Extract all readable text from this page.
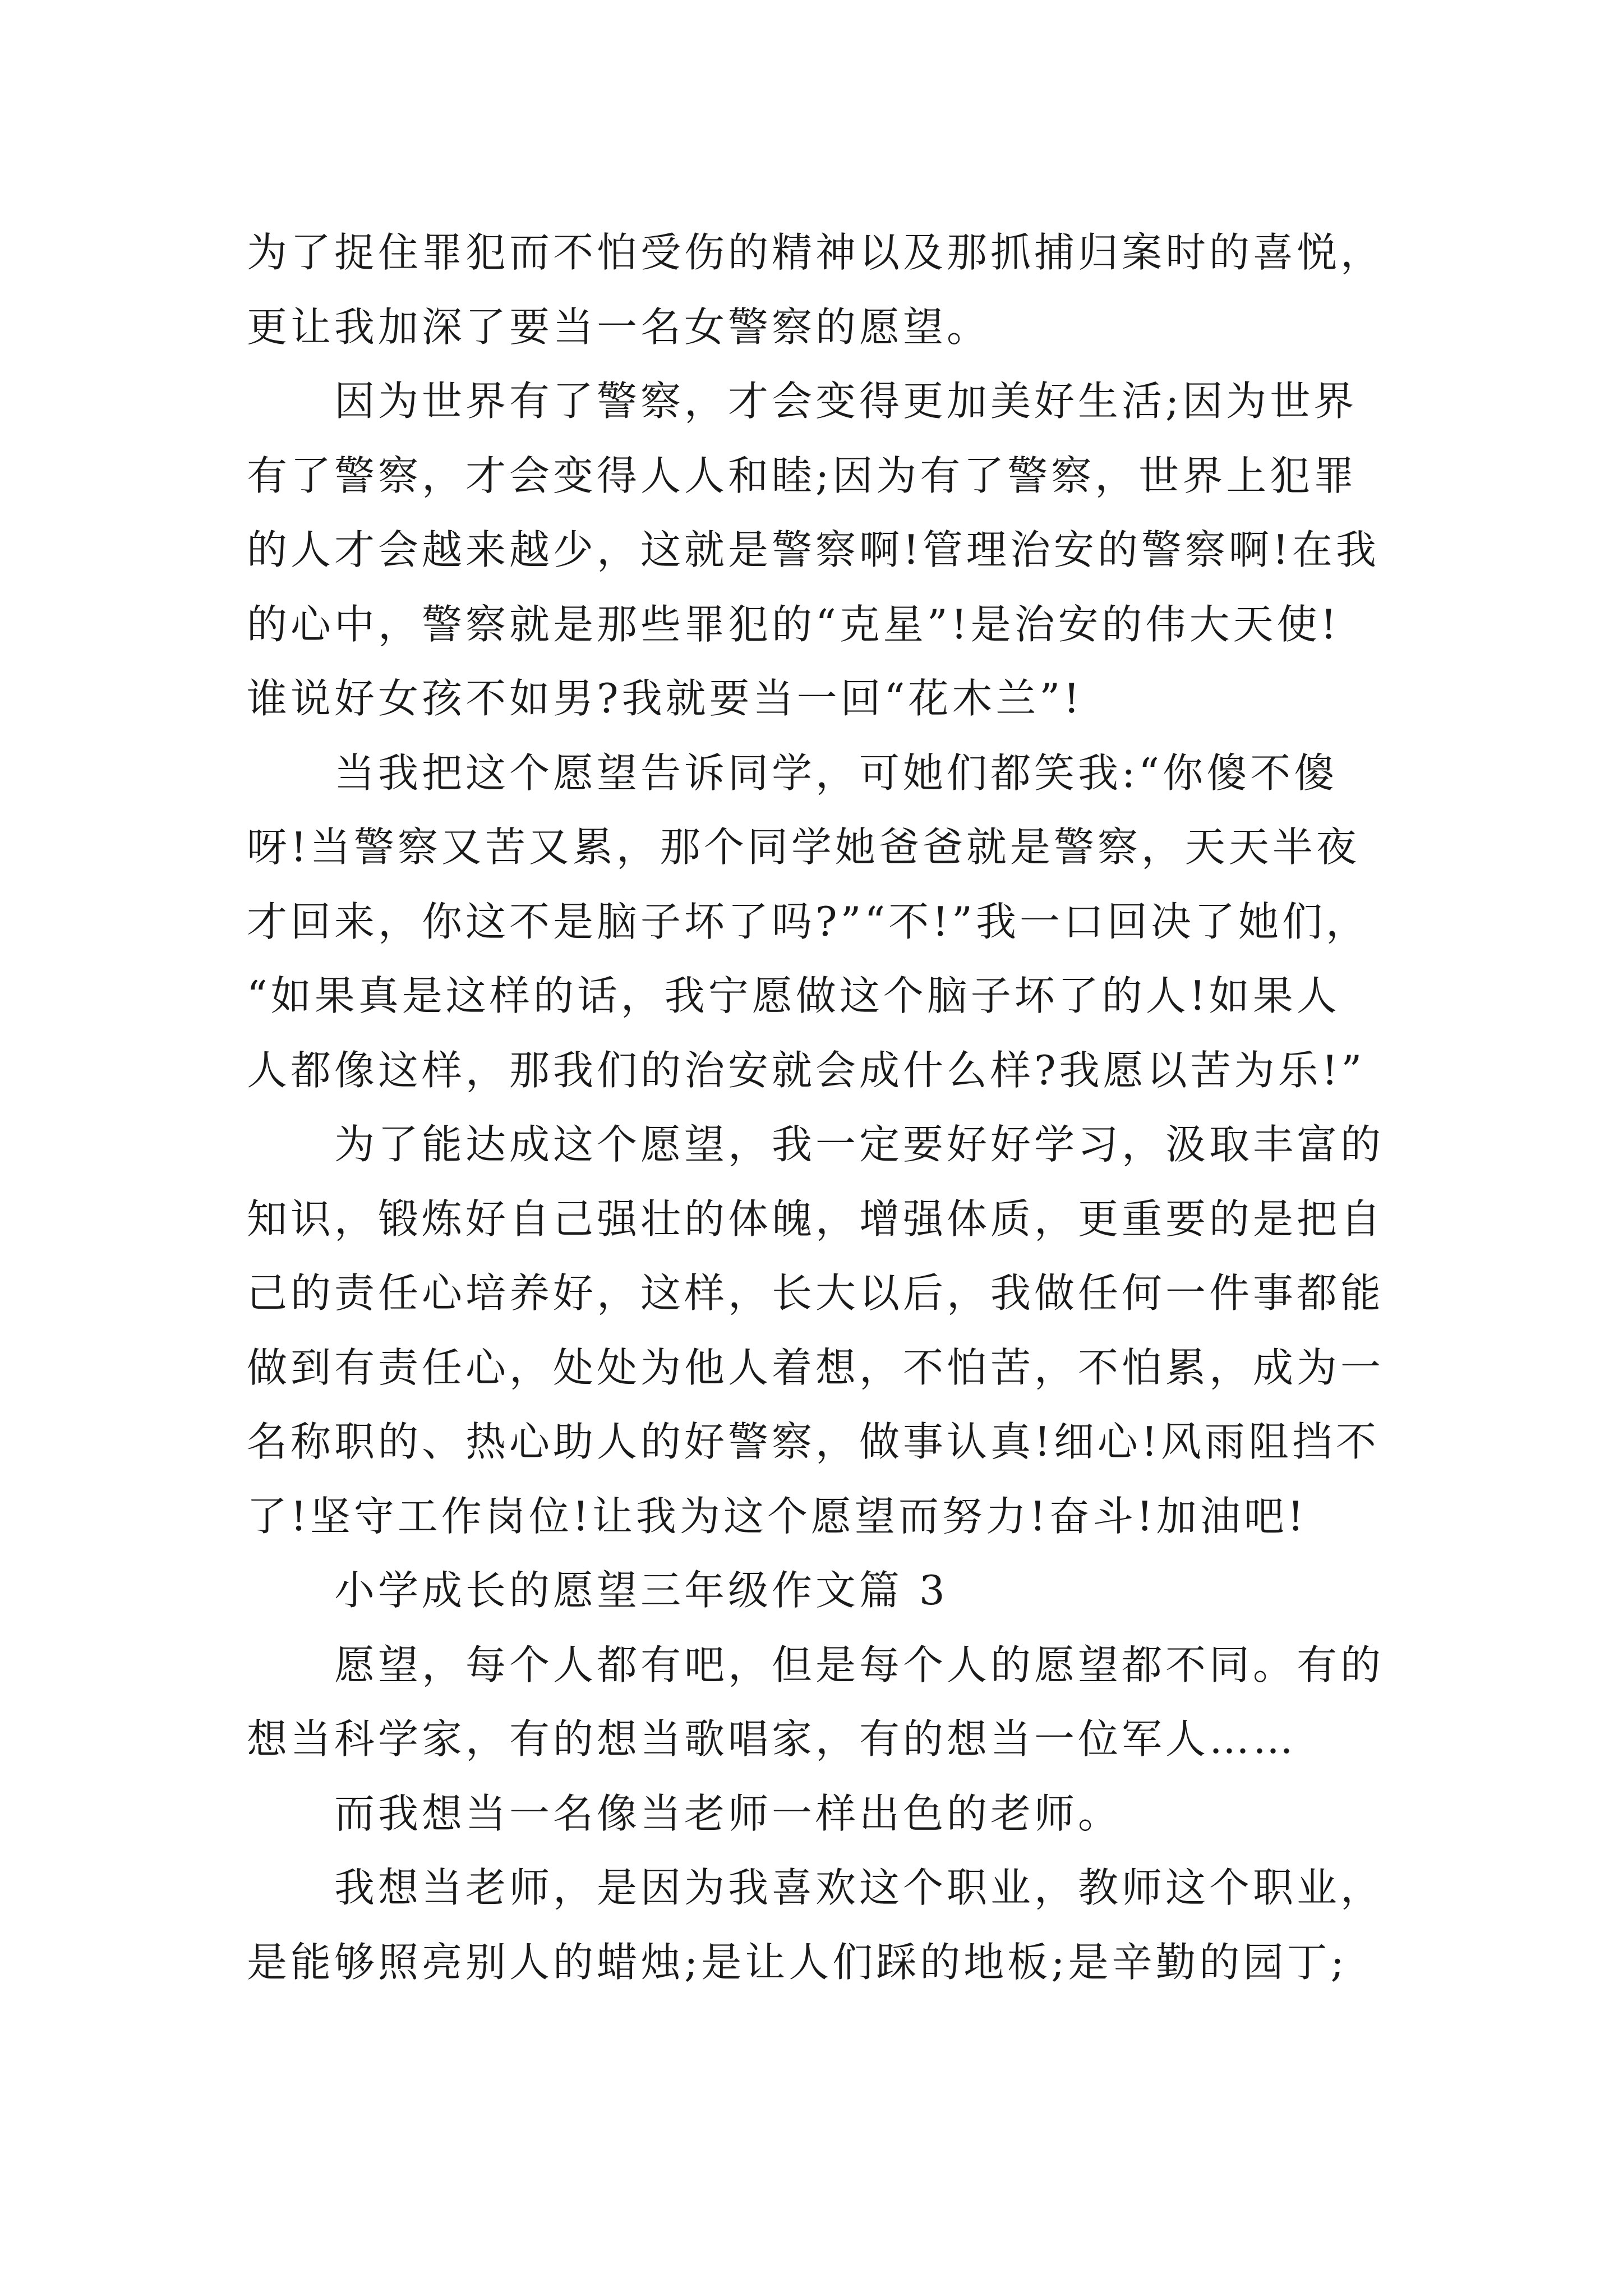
为了捉住罪犯而不怕受伤的精神以及那抓捕归案时的喜悦，
更让我加深了要当一名女警察的愿望。
因为世界有了警察，才会变得更加美好生活;因为世界
有了警察，才会变得人人和睦;因为有了警察，世界上犯罪
的人才会越来越少，这就是警察啊!管理治安的警察啊!在我
的心中，警察就是那些罪犯的“克星”!是治安的伟大天使!
谁说好女孩不如男?我就要当一回“花木兰”!
当我把这个愿望告诉同学，可她们都笑我:“你傻不傻
呀!当警察又苦又累，那个同学她爸爸就是警察，天天半夜
才回来，你这不是脑子坏了吗?”“不!”我一口回决了她们，
“如果真是这样的话，我宁愿做这个脑子坏了的人!如果人
人都像这样，那我们的治安就会成什么样?我愿以苦为乐!”
为了能达成这个愿望，我一定要好好学习，汲取丰富的
知识，锻炼好自己强壮的体魄，增强体质，更重要的是把自
己的责任心培养好，这样，长大以后，我做任何一件事都能
做到有责任心，处处为他人着想，不怕苦，不怕累，成为一
名称职的、热心助人的好警察，做事认真!细心!风雨阻挡不
了!坚守工作岗位!让我为这个愿望而努力!奋斗!加油吧!
小学成长的愿望三年级作文篇 3
愿望，每个人都有吧，但是每个人的愿望都不同。有的
想当科学家，有的想当歌唱家，有的想当一位军人……
而我想当一名像当老师一样出色的老师。
我想当老师，是因为我喜欢这个职业，教师这个职业，
是能够照亮别人的蜡烛;是让人们踩的地板;是辛勤的园丁;
